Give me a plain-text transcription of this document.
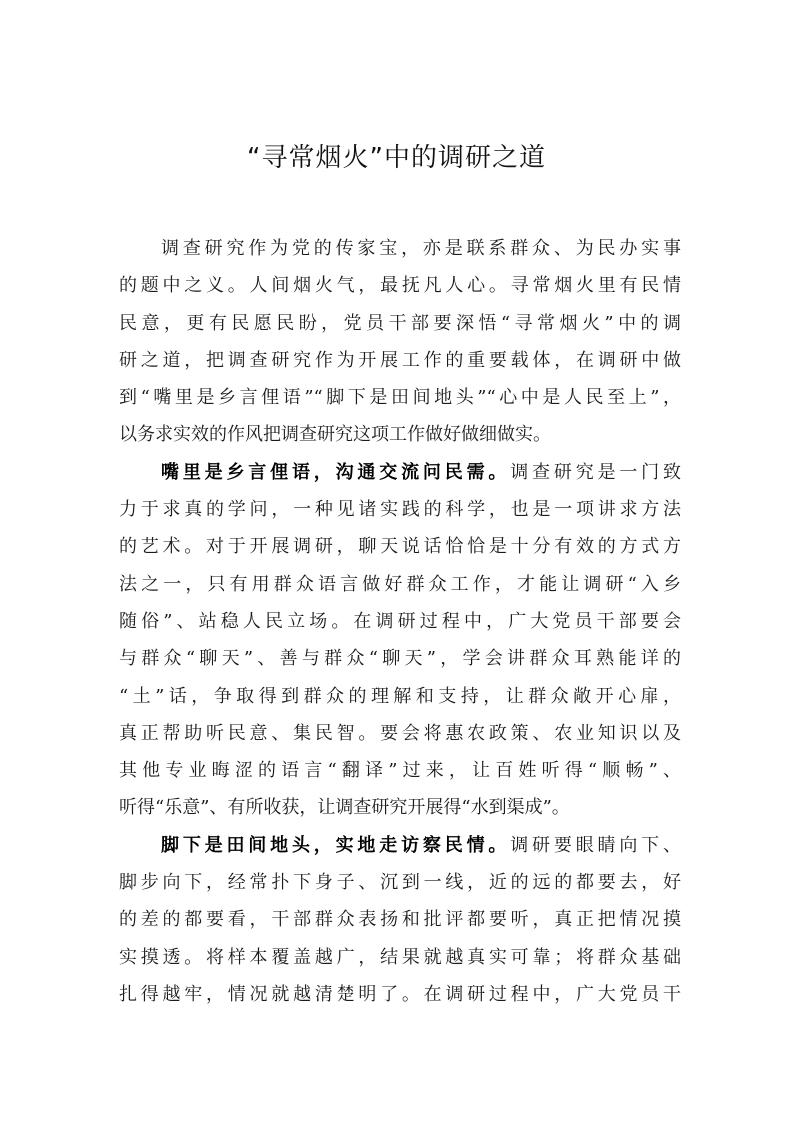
“寻常烟火”中的调研之道
调查研究作为党的传家宝，亦是联系群众、为民办实事
的题中之义。人间烟火气，最抚凡人心。寻常烟火里有民情
民意，更有民愿民盼，党员干部要深悟“寻常烟火”中的调
研之道，把调查研究作为开展工作的重要载体，在调研中做
到“嘴里是乡言俚语”“脚下是田间地头”“心中是人民至上”，
以务求实效的作风把调查研究这项工作做好做细做实。
嘴里是乡言俚语，沟通交流问民需。调查研究是一门致
力于求真的学问，一种见诸实践的科学，也是一项讲求方法
的艺术。对于开展调研，聊天说话恰恰是十分有效的方式方
法之一，只有用群众语言做好群众工作，才能让调研“入乡
随俗”、站稳人民立场。在调研过程中，广大党员干部要会
与群众“聊天”、善与群众“聊天”，学会讲群众耳熟能详的
“土”话，争取得到群众的理解和支持，让群众敞开心扉，
真正帮助听民意、集民智。要会将惠农政策、农业知识以及
其他专业晦涩的语言“翻译”过来，让百姓听得“顺畅”、
听得“乐意”、有所收获，让调查研究开展得“水到渠成”。
脚下是田间地头，实地走访察民情。调研要眼睛向下、
脚步向下，经常扑下身子、沉到一线，近的远的都要去，好
的差的都要看，干部群众表扬和批评都要听，真正把情况摸
实摸透。将样本覆盖越广，结果就越真实可靠；将群众基础
扎得越牢，情况就越清楚明了。在调研过程中，广大党员干
